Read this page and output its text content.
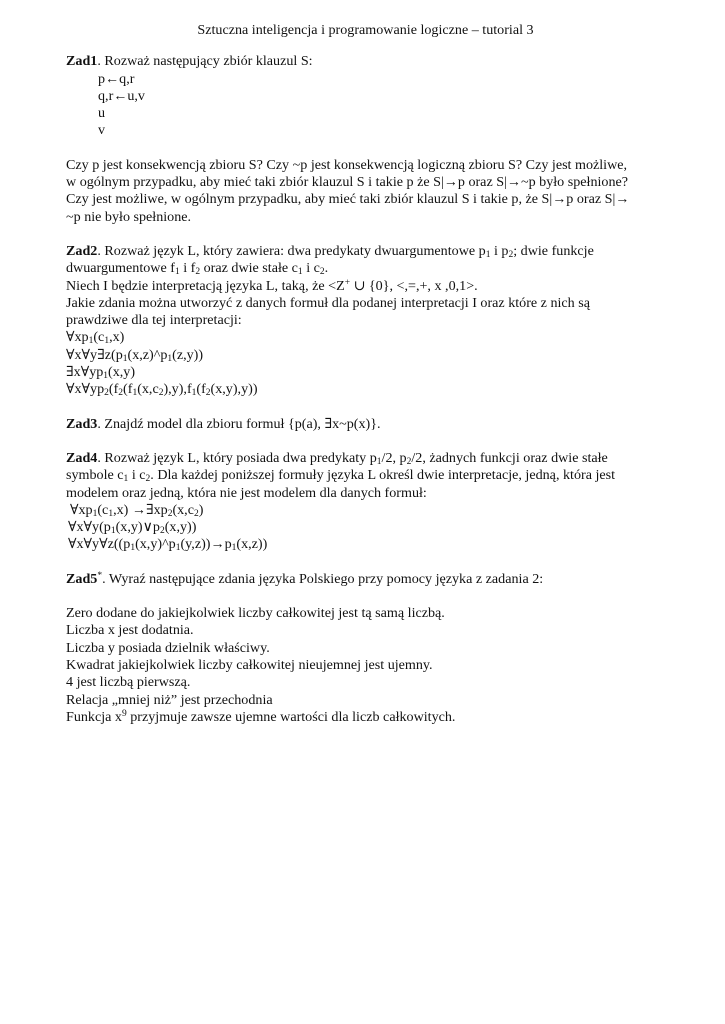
Sztuczna inteligencja i programowanie logiczne – tutorial 3
Zad1. Rozważ następujący zbiór klauzul S:
p←q,r
q,r←u,v
u
v
Czy p jest konsekwencją zbioru S? Czy ~p jest konsekwencją logiczną zbioru S? Czy jest możliwe,
w ogólnym przypadku, aby mieć taki zbiór klauzul S i takie p że S|→p oraz S|→~p było spełnione?
Czy jest możliwe, w ogólnym przypadku, aby mieć taki zbiór klauzul S i takie p, że S|→p oraz S|→
~p nie było spełnione.
Zad2. Rozważ język L, który zawiera: dwa predykaty dwuargumentowe $p_1$ i $p_2$; dwie funkcje
dwuargumentowe $f_1$ i $f_2$ oraz dwie stałe $c_1$ i $c_2$.
Niech I będzie interpretacją języka L, taką, że <Z+ ∪ {0}, <,=,+, x ,0,1>.
Jakie zdania można utworzyć z danych formuł dla podanej interpretacji I oraz które z nich są
prawdziwe dla tej interpretacji:
$\forall xp_1(c_1,x)$
$\forall x\forall y\exists z(p_1(x,z)\^{}p_1(z,y))$
$\exists x\forall yp_1(x,y)$
$\forall x\forall yp_2(f_2(f_1(x,c_2),y),f_1(f_2(x,y),y))$
Zad3. Znajdź model dla zbioru formuł {p(a), ∃x~p(x)}.
Zad4. Rozważ język L, który posiada dwa predykaty $p_1/2$, $p_2/2$, żadnych funkcji oraz dwie stałe
symbole $c_1$ i $c_2$. Dla każdej poniższej formuły języka L określ dwie interpretacje, jedną, która jest
modelem oraz jedną, która nie jest modelem dla danych formuł:
$\forall xp_1(c_1,x)$ $\to\exists xp_2(x,c_2)$
$\forall x\forall y(p_1(x,y)\vee p_2(x,y))$
$\forall x\forall y\forall z((p_1(x,y)\^{}p_1(y,z))\to p_1(x,z))$
Zad5*. Wyraź następujące zdania języka Polskiego przy pomocy języka z zadania 2:
Zero dodane do jakiejkolwiek liczby całkowitej jest tą samą liczbą.
Liczba x jest dodatnia.
Liczba y posiada dzielnik właściwy.
Kwadrat jakiejkolwiek liczby całkowitej nieujemnej jest ujemny.
4 jest liczbą pierwszą.
Relacja „mniej niż” jest przechodnia
Funkcja $x^9$ przyjmuje zawsze ujemne wartości dla liczb całkowitych.
